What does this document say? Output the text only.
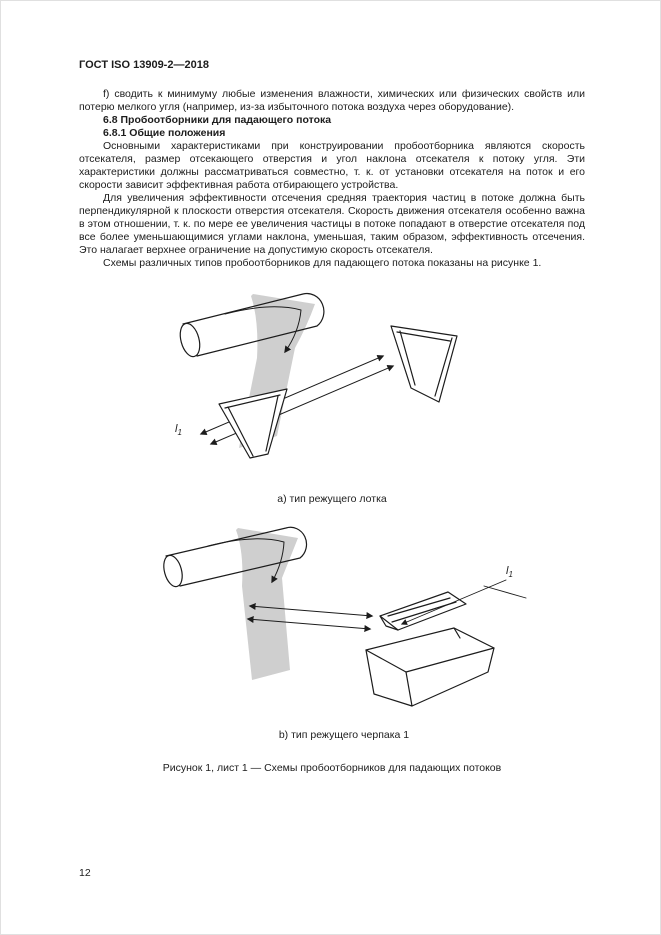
ГОСТ ISO 13909-2—2018

f) сводить к минимуму любые изменения влажности, химических или физических свойств или потерю мелкого угля (например, из-за избыточного потока воздуха через оборудование).

6.8 Пробоотборники для падающего потока

6.8.1 Общие положения

Основными характеристиками при конструировании пробоотборника являются скорость отсекателя, размер отсекающего отверстия и угол наклона отсекателя к потоку угля. Эти характеристики должны рассматриваться совместно, т. к. от установки отсекателя на поток и его скорости зависит эффективная работа отбирающего устройства.

Для увеличения эффективности отсечения средняя траектория частиц в потоке должна быть перпендикулярной к плоскости отверстия отсекателя. Скорость движения отсекателя особенно важна в этом отношении, т. к. по мере ее увеличения частицы в потоке попадают в отверстие отсекателя под все более уменьшающимися углами наклона, уменьшая, таким образом, эффективность отсечения. Это налагает верхнее ограничение на допустимую скорость отсекателя.

Схемы различных типов пробоотборников для падающего потока показаны на рисунке 1.

$l_1$
а) тип режущего лотка
$l_1$
b) тип режущего черпака 1
Рисунок 1, лист 1 — Схемы пробоотборников для падающих потоков
12
